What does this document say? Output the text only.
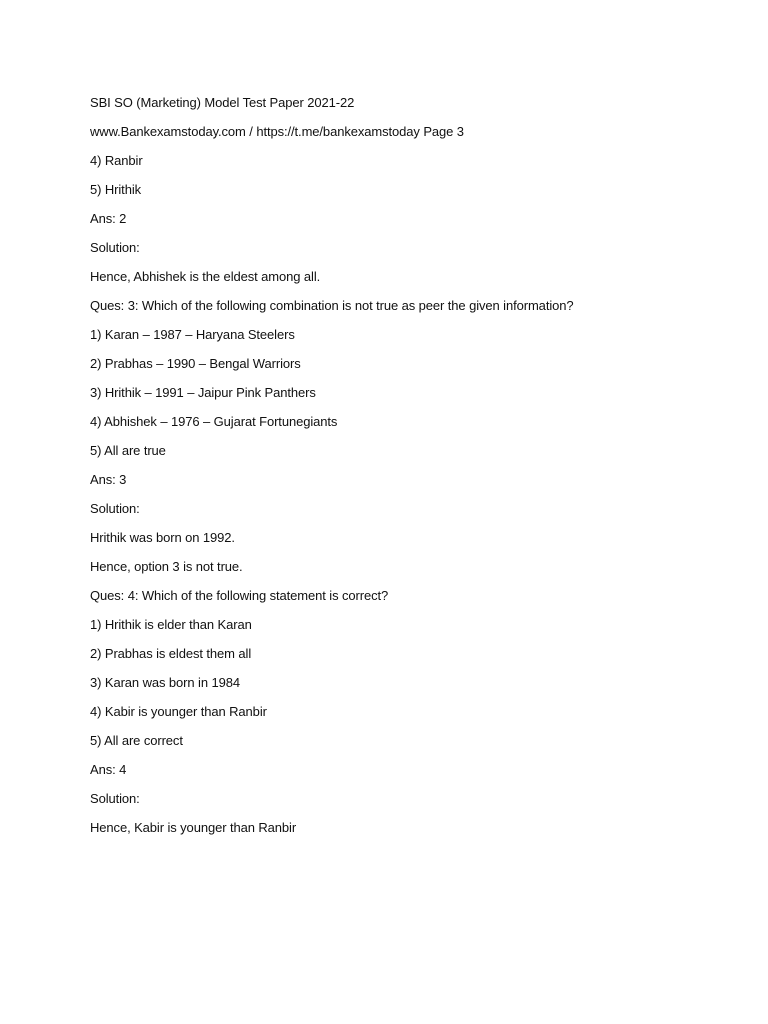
SBI SO (Marketing) Model Test Paper 2021-22
www.Bankexamstoday.com / https://t.me/bankexamstoday Page 3
4) Ranbir
5) Hrithik
Ans: 2
Solution:
Hence, Abhishek is the eldest among all.
Ques: 3: Which of the following combination is not true as peer the given information?
1) Karan – 1987 – Haryana Steelers
2) Prabhas – 1990 – Bengal Warriors
3) Hrithik – 1991 – Jaipur Pink Panthers
4) Abhishek – 1976 – Gujarat Fortunegiants
5) All are true
Ans: 3
Solution:
Hrithik was born on 1992.
Hence, option 3 is not true.
Ques: 4: Which of the following statement is correct?
1) Hrithik is elder than Karan
2) Prabhas is eldest them all
3) Karan was born in 1984
4) Kabir is younger than Ranbir
5) All are correct
Ans: 4
Solution:
Hence, Kabir is younger than Ranbir
